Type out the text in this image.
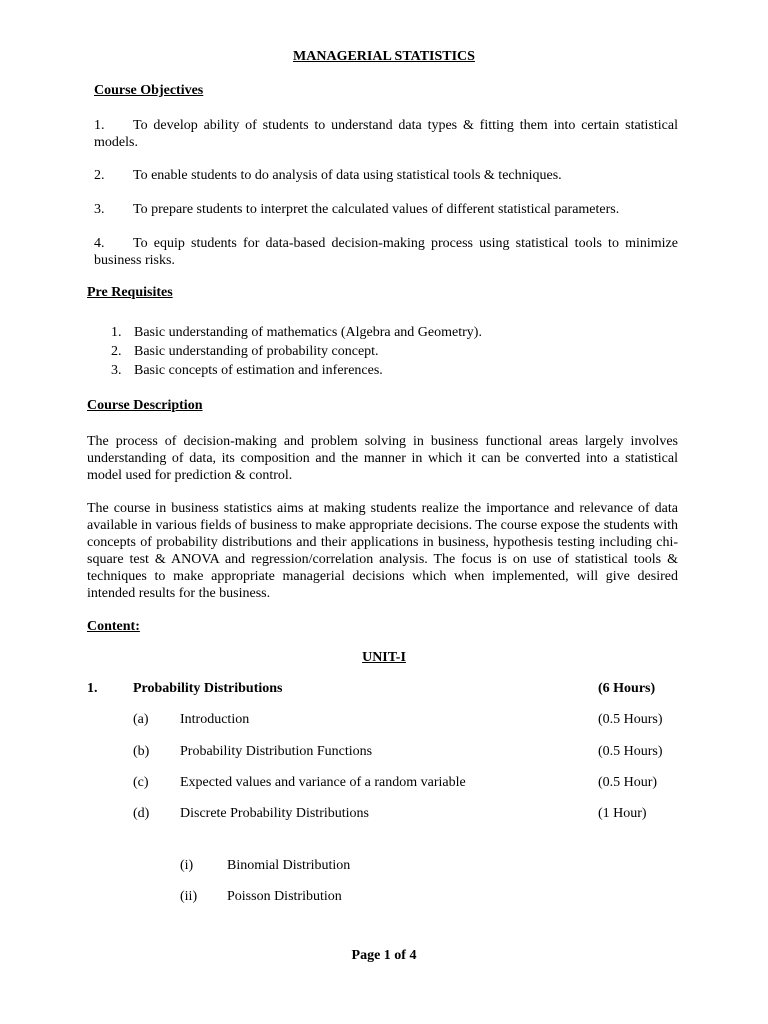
MANAGERIAL STATISTICS
Course Objectives
1. To develop ability of students to understand data types & fitting them into certain statistical models.
2. To enable students to do analysis of data using statistical tools & techniques.
3. To prepare students to interpret the calculated values of different statistical parameters.
4. To equip students for data-based decision-making process using statistical tools to minimize    business risks.
Pre Requisites
1. Basic understanding of mathematics (Algebra and Geometry).
2. Basic understanding of probability concept.
3. Basic concepts of estimation and inferences.
Course Description
The process of decision-making and problem solving in business functional areas largely involves understanding of data, its composition and the manner in which it can be converted into a statistical model used for prediction & control.
The course in business statistics aims at making students realize the importance and relevance of data available in various fields of business to make appropriate decisions. The course expose the students with concepts of probability distributions and their applications in business, hypothesis testing including chi-square test & ANOVA and regression/correlation analysis. The focus is on use of statistical tools & techniques to make appropriate managerial decisions which when implemented, will give desired intended results for the business.
Content:
UNIT-I
1.	Probability Distributions	(6 Hours)
(a) Introduction	(0.5 Hours)
(b) Probability Distribution Functions	(0.5 Hours)
(c) Expected values and variance of a random variable	(0.5 Hour)
(d) Discrete Probability Distributions	(1 Hour)
(i) Binomial Distribution
(ii) Poisson Distribution
Page 1 of 4
